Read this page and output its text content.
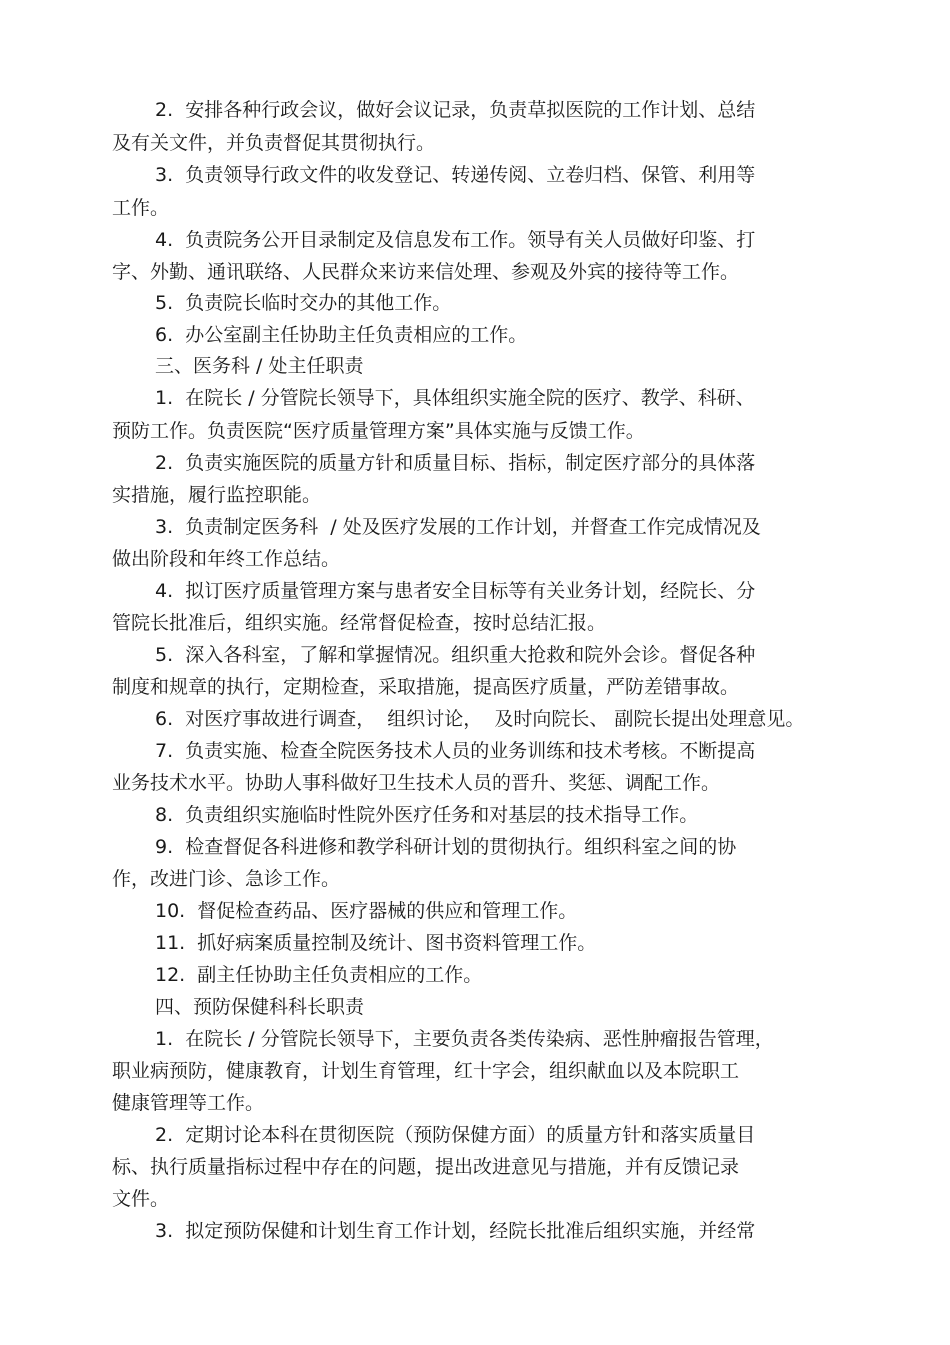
2.  安排各种行政会议，做好会议记录，负责草拟医院的工作计划、总结
及有关文件，并负责督促其贯彻执行。
3.  负责领导行政文件的收发登记、转递传阅、立卷归档、保管、利用等
工作。
4.  负责院务公开目录制定及信息发布工作。领导有关人员做好印鉴、打
字、外勤、通讯联络、人民群众来访来信处理、参观及外宾的接待等工作。
5.  负责院长临时交办的其他工作。
6.  办公室副主任协助主任负责相应的工作。
三、医务科 / 处主任职责
1.  在院长 / 分管院长领导下，具体组织实施全院的医疗、教学、科研、
预防工作。负责医院“医疗质量管理方案”具体实施与反馈工作。
2.  负责实施医院的质量方针和质量目标、指标，制定医疗部分的具体落
实措施，履行监控职能。
3.  负责制定医务科  / 处及医疗发展的工作计划，并督查工作完成情况及
做出阶段和年终工作总结。
4.  拟订医疗质量管理方案与患者安全目标等有关业务计划，经院长、分
管院长批准后，组织实施。经常督促检查，按时总结汇报。
5.  深入各科室，了解和掌握情况。组织重大抢救和院外会诊。督促各种
制度和规章的执行，定期检查，采取措施，提高医疗质量，严防差错事故。
6.  对医疗事故进行调查，  组织讨论，  及时向院长、 副院长提出处理意见。
7.  负责实施、检查全院医务技术人员的业务训练和技术考核。不断提高
业务技术水平。协助人事科做好卫生技术人员的晋升、奖惩、调配工作。
8.  负责组织实施临时性院外医疗任务和对基层的技术指导工作。
9.  检查督促各科进修和教学科研计划的贯彻执行。组织科室之间的协
作，改进门诊、急诊工作。
10.  督促检查药品、医疗器械的供应和管理工作。
11.  抓好病案质量控制及统计、图书资料管理工作。
12.  副主任协助主任负责相应的工作。
四、预防保健科科长职责
1.  在院长 / 分管院长领导下，主要负责各类传染病、恶性肿瘤报告管理，
职业病预防，健康教育，计划生育管理，红十字会，组织献血以及本院职工
健康管理等工作。
2.  定期讨论本科在贯彻医院（预防保健方面）的质量方针和落实质量目
标、执行质量指标过程中存在的问题，提出改进意见与措施，并有反馈记录
文件。
3.  拟定预防保健和计划生育工作计划，经院长批准后组织实施，并经常
